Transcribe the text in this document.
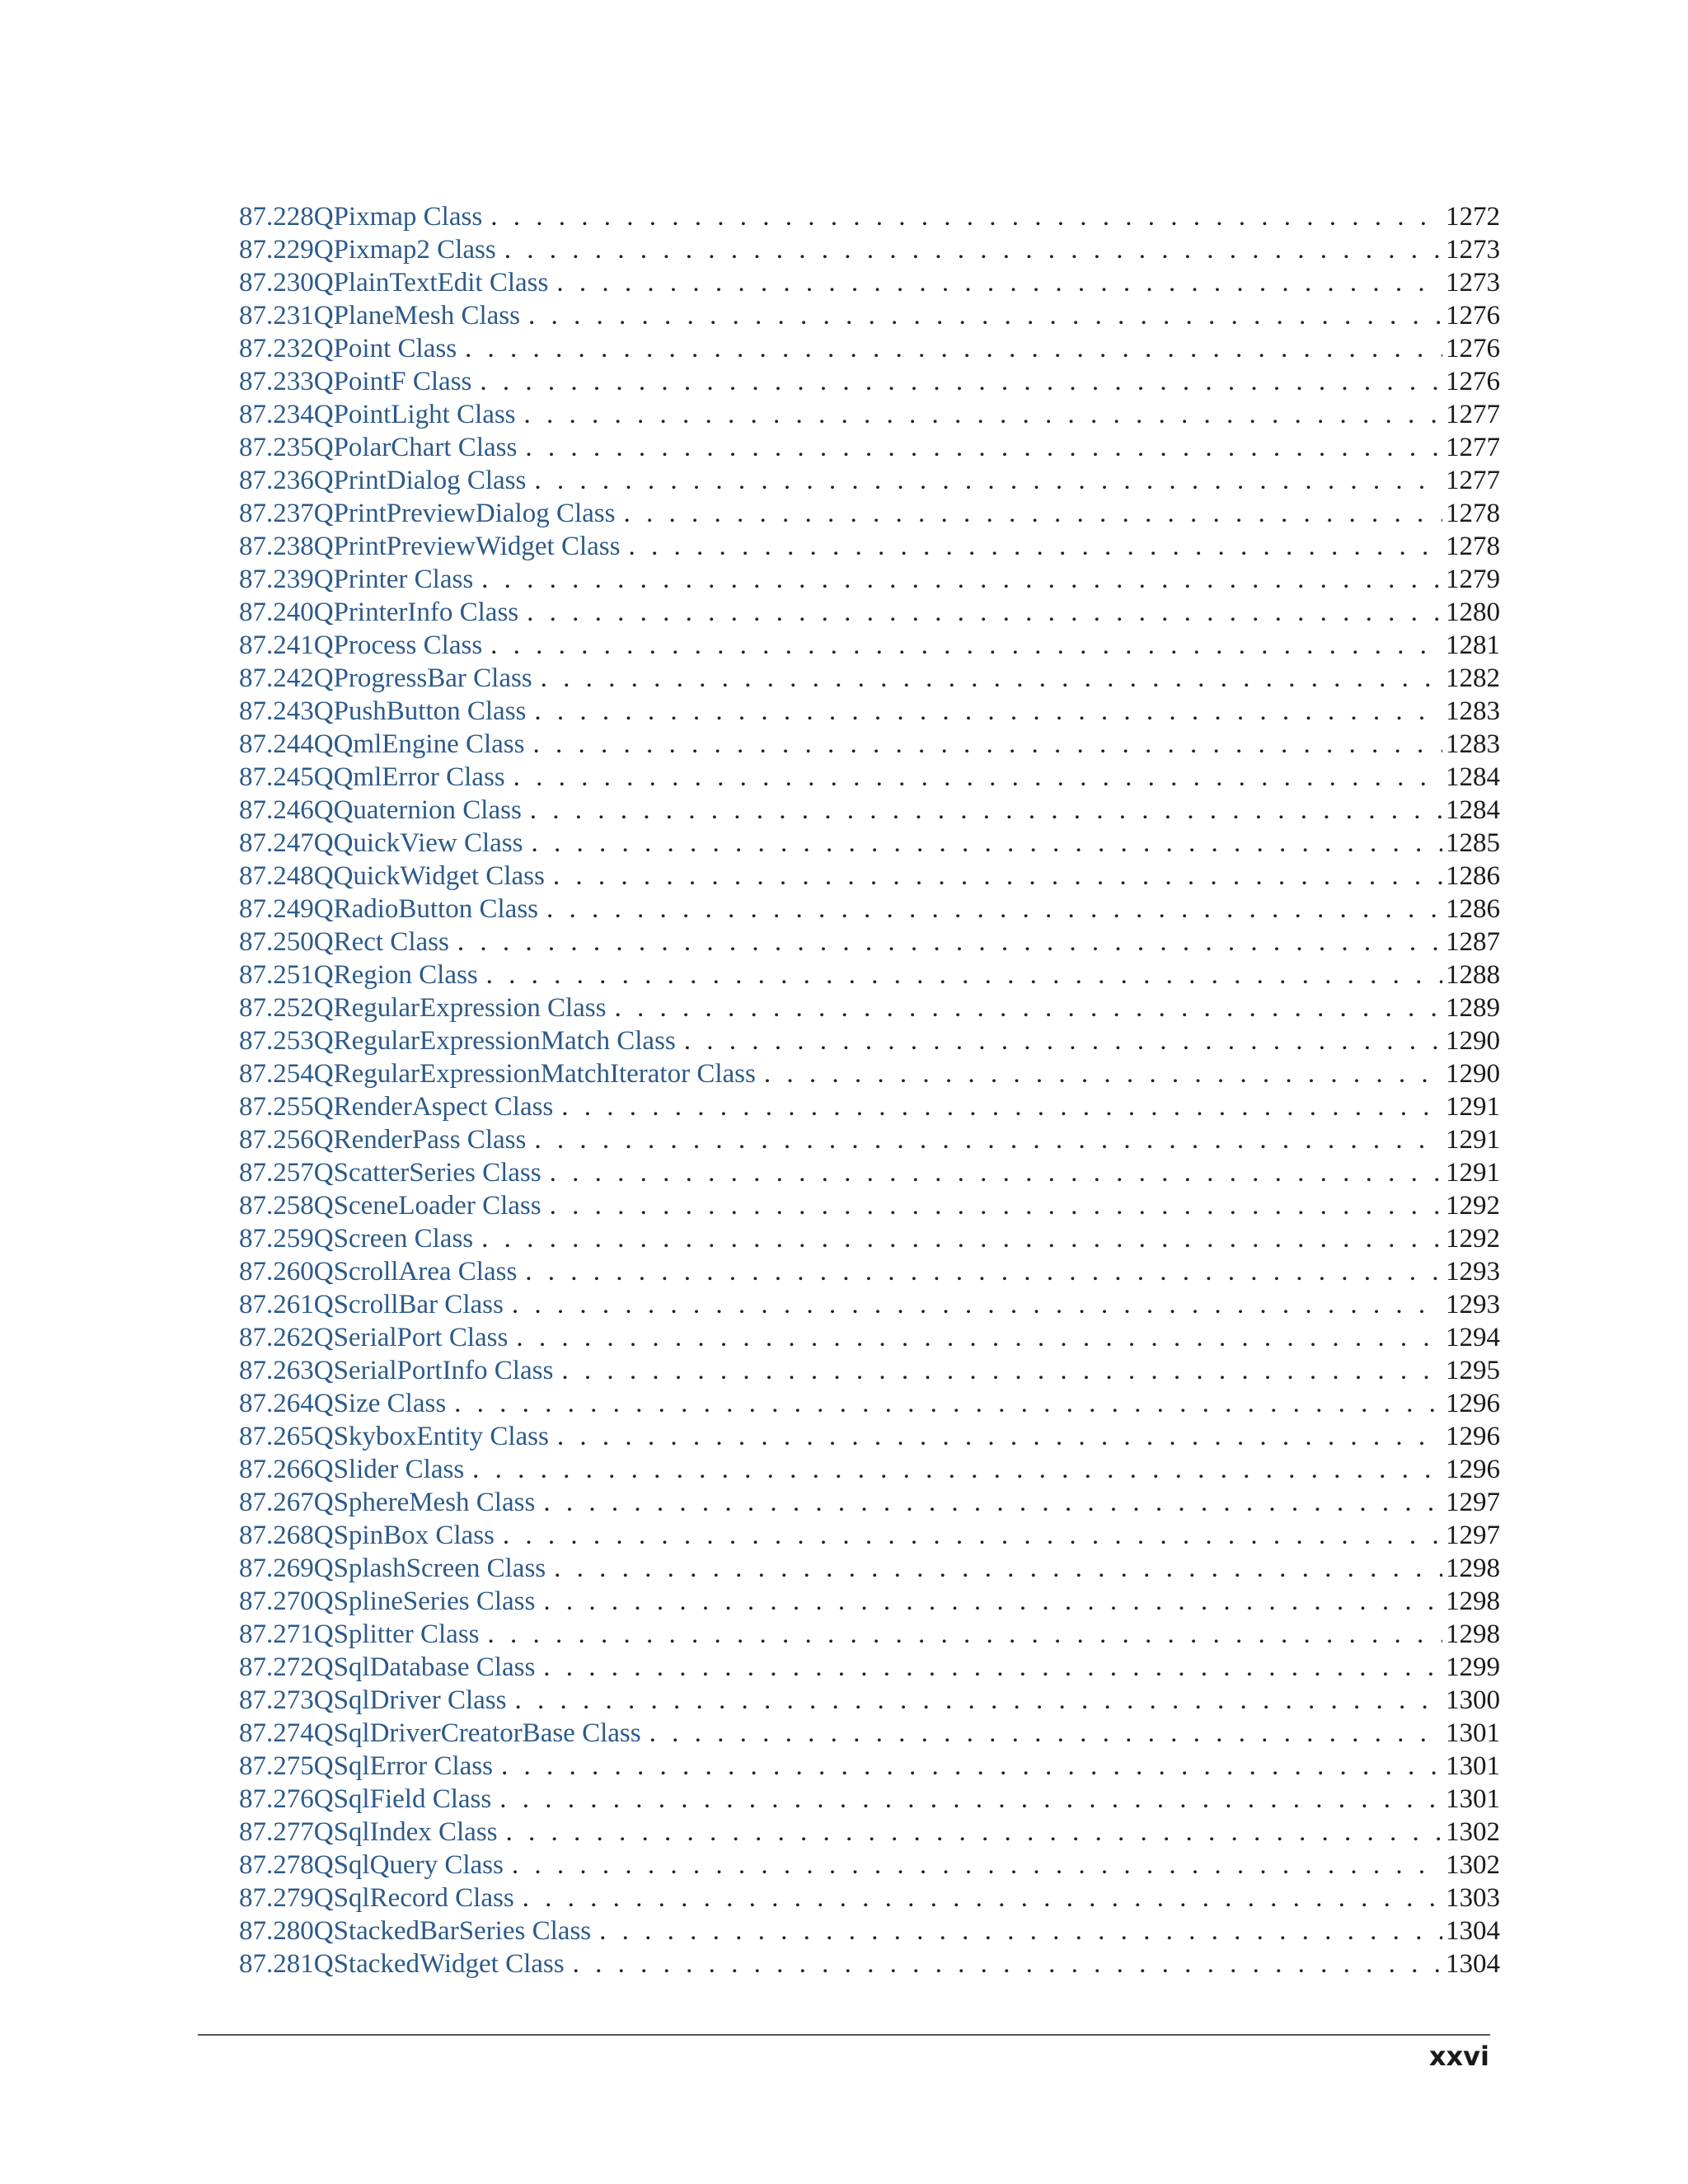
87.228 QPixmap Class . . .	1272
87.229 QPixmap2 Class . . .	1273
87.230 QPlainTextEdit Class . . .	1273
87.231 QPlaneMesh Class . . .	1276
87.232 QPoint Class . . .	1276
87.233 QPointF Class . . .	1276
87.234 QPointLight Class . . .	1277
87.235 QPolarChart Class . . .	1277
87.236 QPrintDialog Class . . .	1277
87.237 QPrintPreviewDialog Class . . .	1278
87.238 QPrintPreviewWidget Class . . .	1278
87.239 QPrinter Class . . .	1279
87.240 QPrinterInfo Class . . .	1280
87.241 QProcess Class . . .	1281
87.242 QProgressBar Class . . .	1282
87.243 QPushButton Class . . .	1283
87.244 QQmlEngine Class . . .	1283
87.245 QQmlError Class . . .	1284
87.246 QQuaternion Class . . .	1284
87.247 QQuickView Class . . .	1285
87.248 QQuickWidget Class . . .	1286
87.249 QRadioButton Class . . .	1286
87.250 QRect Class . . .	1287
87.251 QRegion Class . . .	1288
87.252 QRegularExpression Class . . .	1289
87.253 QRegularExpressionMatch Class . . .	1290
87.254 QRegularExpressionMatchIterator Class . . .	1290
87.255 QRenderAspect Class . . .	1291
87.256 QRenderPass Class . . .	1291
87.257 QScatterSeries Class . . .	1291
87.258 QSceneLoader Class . . .	1292
87.259 QScreen Class . . .	1292
87.260 QScrollArea Class . . .	1293
87.261 QScrollBar Class . . .	1293
87.262 QSerialPort Class . . .	1294
87.263 QSerialPortInfo Class . . .	1295
87.264 QSize Class . . .	1296
87.265 QSkyboxEntity Class . . .	1296
87.266 QSlider Class . . .	1296
87.267 QSphereMesh Class . . .	1297
87.268 QSpinBox Class . . .	1297
87.269 QSplashScreen Class . . .	1298
87.270 QSplineSeries Class . . .	1298
87.271 QSplitter Class . . .	1298
87.272 QSqlDatabase Class . . .	1299
87.273 QSqlDriver Class . . .	1300
87.274 QSqlDriverCreatorBase Class . . .	1301
87.275 QSqlError Class . . .	1301
87.276 QSqlField Class . . .	1301
87.277 QSqlIndex Class . . .	1302
87.278 QSqlQuery Class . . .	1302
87.279 QSqlRecord Class . . .	1303
87.280 QStackedBarSeries Class . . .	1304
87.281 QStackedWidget Class . . .	1304
xxvi
